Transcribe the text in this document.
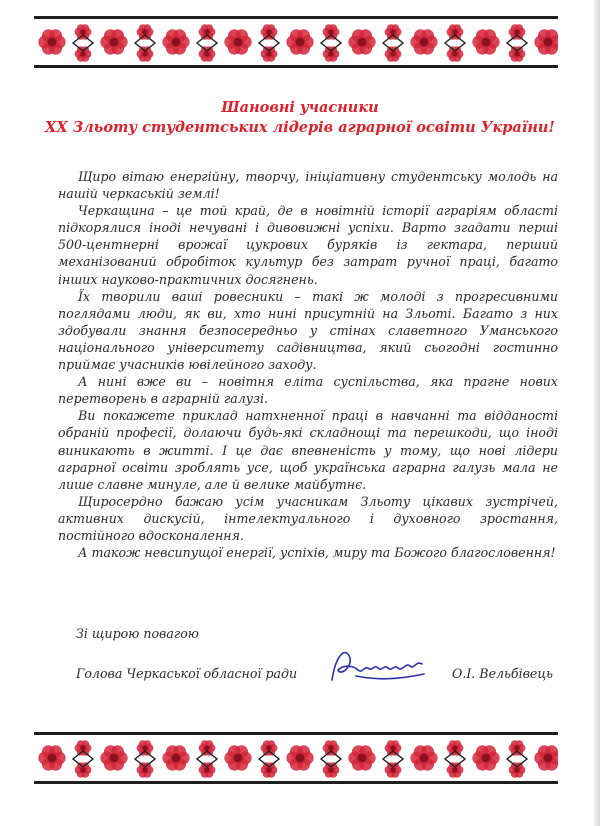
Шановні учасники
ХХ Зльоту студентських лідерів аграрної освіти України!

Щиро вітаю енергійну, творчу, ініціативну студентську молодь на нашій черкаській землі!

Черкащина – це той край, де в новітній історії аграріям області підкорялися іноді нечувані і дивовижні успіхи. Варто згадати перші 500-центнерні врожаї цукрових буряків із гектара, перший механізований обробіток культур без затрат ручної праці, багато інших науково-практичних досягнень.

Їх творили ваші ровесники – такі ж молоді з прогресивними поглядами люди, як ви, хто нині присутній на Зльоті. Багато з них здобували знання безпосередньо у стінах славетного Уманського національного університету садівництва, який сьогодні гостинно приймає учасників ювілейного заходу.

А нині вже ви – новітня еліта суспільства, яка прагне нових перетворень в аграрній галузі.

Ви покажете приклад натхненної праці в навчанні та відданості обраній професії, долаючи будь-які складнощі та перешкоди, що іноді виникають в житті. І це дає впевненість у тому, що нові лідери аграрної освіти зроблять усе, щоб українська аграрна галузь мала не лише славне минуле, але й велике майбутнє.

Щиросердно бажаю усім учасникам Зльоту цікавих зустрічей, активних дискусій, інтелектуального і духовного зростання, постійного вдосконалення.

А також невсипущої енергії, успіхів, миру та Божого благословення!

Зі щирою повагою
Голова Черкаської обласної ради	О.І. Вельбівець
